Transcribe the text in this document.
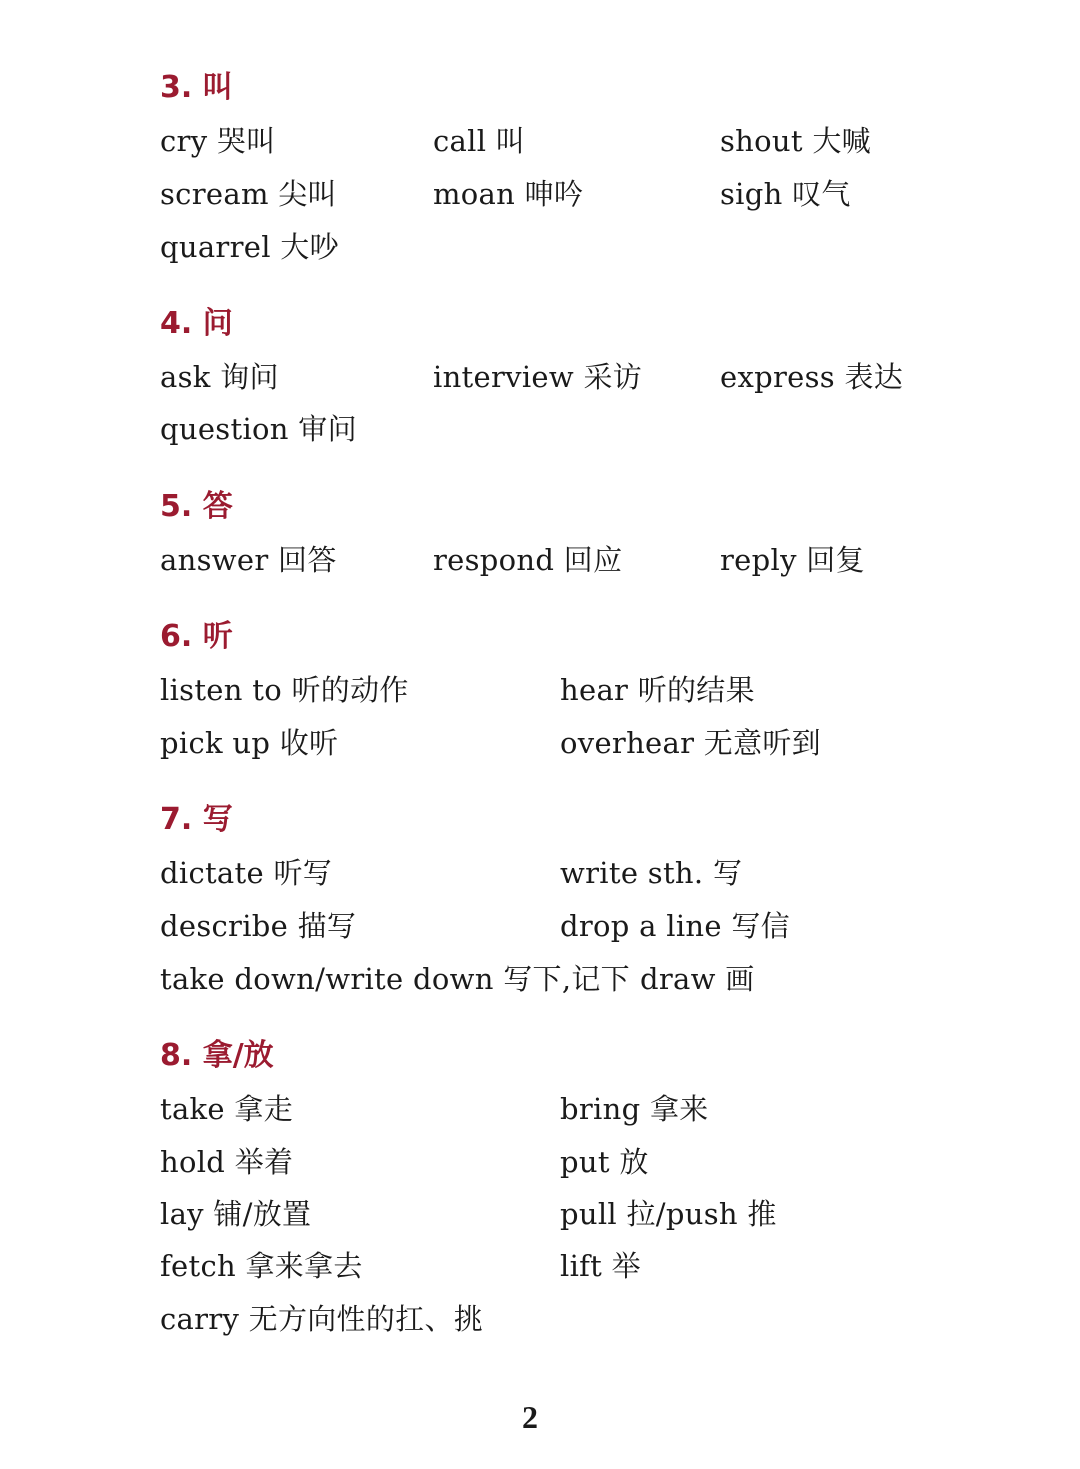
3. 叫
cry 哭叫	call 叫	shout 大喊
scream 尖叫	moan 呻吟	sigh 叹气
quarrel 大吵
4. 问
ask 询问	interview 采访	express 表达
question 审问
5. 答
answer 回答	respond 回应	reply 回复
6. 听
listen to 听的动作	hear 听的结果
pick up 收听	overhear 无意听到
7. 写
dictate 听写	write sth. 写
describe 描写	drop a line 写信
take down/write down 写下,记下 draw 画
8. 拿/放
take 拿走	bring 拿来
hold 举着	put 放
lay 铺/放置	pull 拉/push 推
fetch 拿来拿去	lift 举
carry 无方向性的扛、挑
2
